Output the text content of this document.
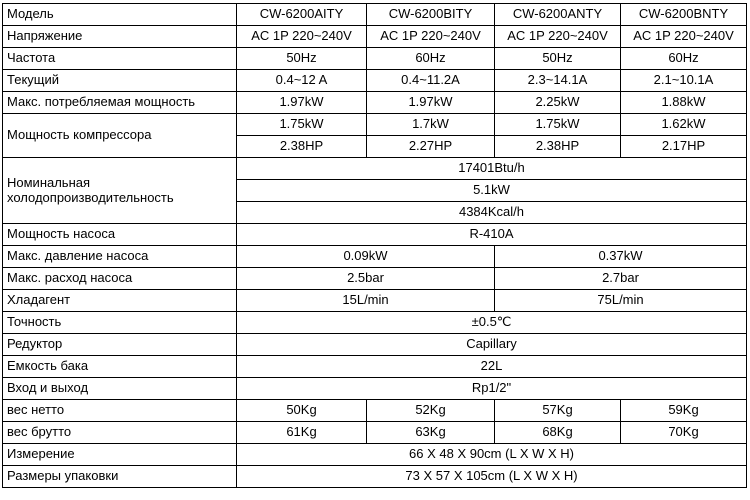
Модель	CW-6200AITY	CW-6200BITY	CW-6200ANTY	CW-6200BNTY
Напряжение	AC 1P 220~240V	AC 1P 220~240V	AC 1P 220~240V	AC 1P 220~240V
Частота	50Hz	60Hz	50Hz	60Hz
Текущий	0.4~12 A	0.4~11.2A	2.3~14.1A	2.1~10.1A
Макс. потребляемая мощность	1.97kW	1.97kW	2.25kW	1.88kW
Мощность компрессора	1.75kW	1.7kW	1.75kW	1.62kW
	2.38HP	2.27HP	2.38HP	2.17HP
Номинальная холодопроизводительность	17401Btu/h			
	5.1kW			
	4384Kcal/h			
Мощность насоса	R-410A			
Макс. давление насоса	0.09kW		0.37kW	
Макс. расход насоса	2.5bar		2.7bar	
Хладагент	15L/min		75L/min	
Точность	±0.5℃			
Редуктор	Capillary			
Емкость бака	22L			
Вход и выход	Rp1/2"			
вес нетто	50Kg	52Kg	57Kg	59Kg
вес брутто	61Kg	63Kg	68Kg	70Kg
Измерение	66 X 48 X 90cm (L X W X H)			
Размеры упаковки	73 X 57 X 105cm (L X W X H)			
